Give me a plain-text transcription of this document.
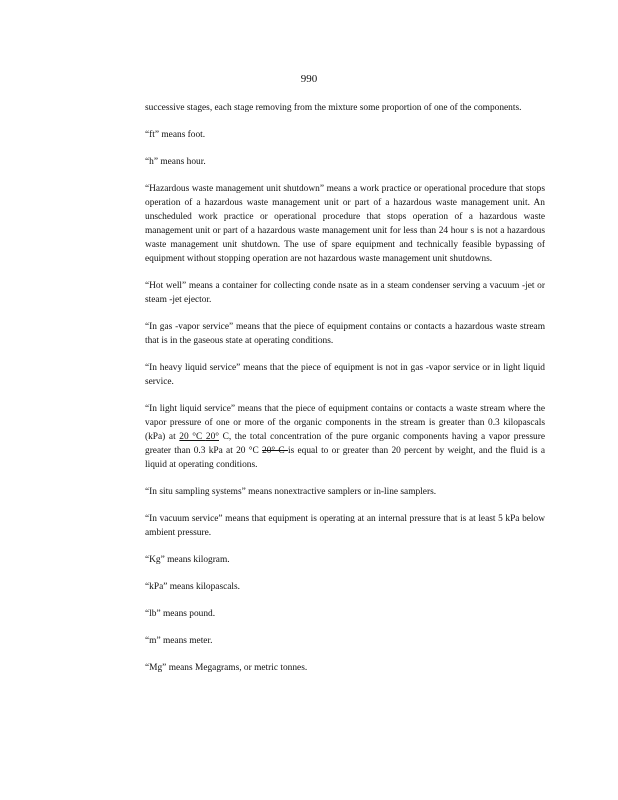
990

successive stages, each stage removing from the mixture some proportion of one of the components.

“ft” means foot.

“h” means hour.

“Hazardous waste management unit shutdown” means a work practice or operational procedure that stops operation of a hazardous waste management unit or part of a hazardous waste management unit. An unscheduled work practice or operational procedure that stops operation of a hazardous waste management unit or part of a hazardous waste management unit for less than 24 hour s is not a hazardous waste management unit shutdown. The use of spare equipment and technically feasible bypassing of equipment without stopping operation are not hazardous waste management unit shutdowns.

“Hot well” means a container for collecting conde nsate as in a steam condenser serving a vacuum -jet or steam -jet ejector.

“In gas -vapor service” means that the piece of equipment contains or contacts a hazardous waste stream that is in the gaseous state at operating conditions.

“In heavy liquid service” means that the piece of equipment is not in gas -vapor service or in light liquid service.

“In light liquid service” means that the piece of equipment contains or contacts a waste stream where the vapor pressure of one or more of the organic components in the stream is greater than 0.3 kilopascals (kPa) at 20 °C 20° C, the total concentration of the pure organic components having a vapor pressure greater than 0.3 kPa at 20 °C 20° C is equal to or greater than 20 percent by weight, and the fluid is a liquid at operating conditions.

“In situ sampling systems” means nonextractive samplers or in-line samplers.

“In vacuum service” means that equipment is operating at an internal pressure that is at least 5 kPa below ambient pressure.

“Kg” means kilogram.

“kPa” means kilopascals.

“lb” means pound.

“m” means meter.

“Mg” means Megagrams, or metric tonnes.
